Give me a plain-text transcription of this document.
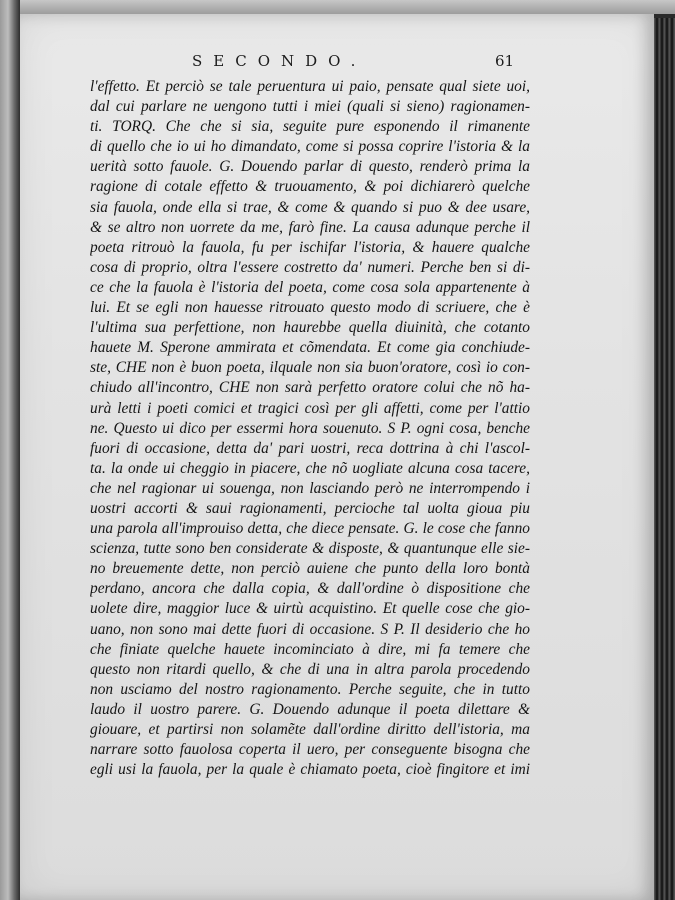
SECONDO.	61
l'effetto. Et perciò se tale peruentura ui paio, pensate qual siete uoi,
dal cui parlare ne uengono tutti i miei (quali si sieno) ragionamen-
ti. TORQ. Che che si sia, seguite pure esponendo il rimanente
di quello che io ui ho dimandato, come si possa coprire l'istoria & la
uerità sotto fauole. G. Douendo parlar di questo, renderò prima la
ragione di cotale effetto & truouamento, & poi dichiarerò quelche
sia fauola, onde ella si trae, & come & quando si puo & dee usare,
& se altro non uorrete da me, farò fine. La causa adunque perche il
poeta ritrouò la fauola, fu per ischifar l'istoria, & hauere qualche
cosa di proprio, oltra l'essere costretto da' numeri. Perche ben si di-
ce che la fauola è l'istoria del poeta, come cosa sola appartenente à
lui. Et se egli non hauesse ritrouato questo modo di scriuere, che è
l'ultima sua perfettione, non haurebbe quella diuinità, che cotanto
hauete M. Sperone ammirata et cõmendata. Et come gia conchiude-
ste, CHE non è buon poeta, ilquale non sia buon'oratore, così io con-
chiudo all'incontro, CHE non sarà perfetto oratore colui che nõ ha-
urà letti i poeti comici et tragici così per gli affetti, come per l'attio
ne. Questo ui dico per essermi hora souenuto. S P. ogni cosa, benche
fuori di occasione, detta da' pari uostri, reca dottrina à chi l'ascol-
ta. la onde ui cheggio in piacere, che nõ uogliate alcuna cosa tacere,
che nel ragionar ui souenga, non lasciando però ne interrompendo i
uostri accorti & saui ragionamenti, percioche tal uolta gioua piu
una parola all'improuiso detta, che diece pensate. G. le cose che fanno
scienza, tutte sono ben considerate & disposte, & quantunque elle sie-
no breuemente dette, non perciò auiene che punto della loro bontà
perdano, ancora che dalla copia, & dall'ordine ò dispositione che
uolete dire, maggior luce & uirtù acquistino. Et quelle cose che gio-
uano, non sono mai dette fuori di occasione. S P. Il desiderio che ho
che finiate quelche hauete incominciato à dire, mi fa temere che
questo non ritardi quello, & che di una in altra parola procedendo
non usciamo del nostro ragionamento. Perche seguite, che in tutto
laudo il uostro parere. G. Douendo adunque il poeta dilettare &
giouare, et partirsi non solamẽte dall'ordine diritto dell'istoria, ma
narrare sotto fauolosa coperta il uero, per conseguente bisogna che
egli usi la fauola, per la quale è chiamato poeta, cioè fingitore et imi
